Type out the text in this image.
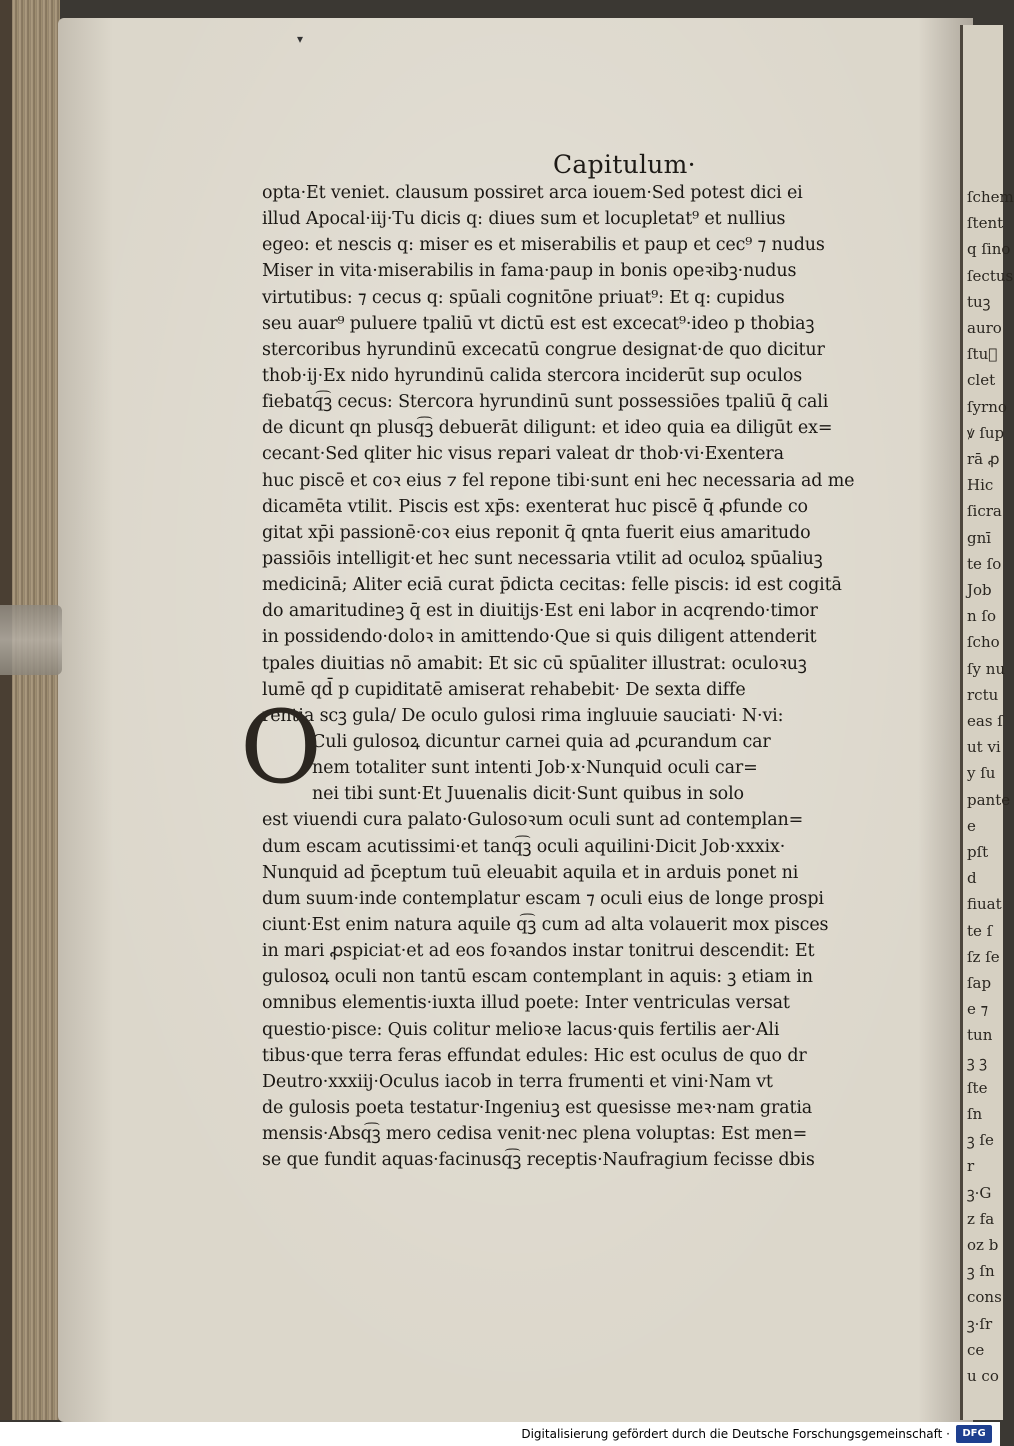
ſchem
ſtent
q ſino
ſectus
tuꝫ
auro
ſtuᷓ
clet
ſyrno
ꝟ ſup
rā ꝓ
Hic
ſicra
gnī
te ſo
Job
n ſo
ſcho
ſy nu
rctu
eas ſ
ut vi
y ſu
pante
e
pſt
d
fiuat
te ſ
ſz ſe
ſap
e ⁊
tun
ꝫ ꝫ
ſte
ſn
ꝫ ſe
r
ꝫ·G
z fa
oz b
ꝫ ſn
cons
ꝫ·ſr
ce
u co
▾
Capitulum·
opta·Et veniet. clausum possiret arca iouem·Sed potest dici ei
illud Apocal·iij·Tu dicis q: diues sum et locupletat⁹ et nullius
egeo: et nescis q: miser es et miserabilis et paup et cec⁹ ⁊ nudus
Miser in vita·miserabilis in fama·paup in bonis opeꝛibꝫ·nudus
virtutibus: ⁊ cecus q: spūali cognitōne priuat⁹: Et q: cupidus
seu auar⁹ puluere tpaliū vt dictū est est excecat⁹·ideo p thobiaꝫ
stercoribus hyrundinū excecatū congrue designat·de quo dicitur
thob·ij·Ex nido hyrundinū calida stercora inciderūt sup oculos
fiebatq͡ꝫ cecus: Stercora hyrundinū sunt possessiōes tpaliū q̄ cali
de dicunt qn plusq͡ꝫ debuerāt diligunt: et ideo quia ea diligūt ex=
cecant·Sed qliter hic visus repari valeat dr thob·vi·Exentera
huc piscē et coꝛ eius ⁊ fel repone tibi·sunt eni hec necessaria ad me
dicamēta vtilit. Piscis est xp̄s: exenterat huc piscē q̄ ꝓfunde co
gitat xp̄i passionē·coꝛ eius reponit q̄ qnta fuerit eius amaritudo
passiōis intelligit·et hec sunt necessaria vtilit ad oculoꝝ spūaliuꝫ
medicinā; Aliter eciā curat p̄dicta cecitas: felle piscis: id est cogitā
do amaritudineꝫ q̄ est in diuitijs·Est eni labor in acqrendo·timor
in possidendo·doloꝛ in amittendo·Que si quis diligent attenderit
tpales diuitias nō amabit: Et sic cū spūaliter illustrat: oculoꝛuꝫ
lumē qd̄ p cupiditatē amiserat rehabebit· De sexta diffe
rentia scꝫ gula/ De oculo gulosi rima ingluuie sauciati· N·vi:
Culi gulosoꝝ dicuntur carnei quia ad ꝓcurandum car
nem totaliter sunt intenti Job·x·Nunquid oculi car=
nei tibi sunt·Et Juuenalis dicit·Sunt quibus in solo
est viuendi cura palato·Gulosoꝛum oculi sunt ad contemplan=
dum escam acutissimi·et tanq͡ꝫ oculi aquilini·Dicit Job·xxxix·
Nunquid ad p̄ceptum tuū eleuabit aquila et in arduis ponet ni
dum suum·inde contemplatur escam ⁊ oculi eius de longe prospi
ciunt·Est enim natura aquile q͡ꝫ cum ad alta volauerit mox pisces
in mari ꝓspiciat·et ad eos foꝛandos instar tonitrui descendit: Et
gulosoꝝ oculi non tantū escam contemplant in aquis: ꝫ etiam in
omnibus elementis·iuxta illud poete: Inter ventriculas versat
questio·pisce: Quis colitur melioꝛe lacus·quis fertilis aer·Ali
tibus·que terra feras effundat edules: Hic est oculus de quo dr
Deutro·xxxiij·Oculus iacob in terra frumenti et vini·Nam vt
de gulosis poeta testatur·Ingeniuꝫ est quesisse meꝛ·nam gratia
mensis·Absq͡ꝫ mero cedisa venit·nec plena voluptas: Est men=
se que fundit aquas·facinusq͡ꝫ receptis·Naufragium fecisse dbis
O
Digitalisierung gefördert durch die Deutsche Forschungsgemeinschaft ·	DFG
